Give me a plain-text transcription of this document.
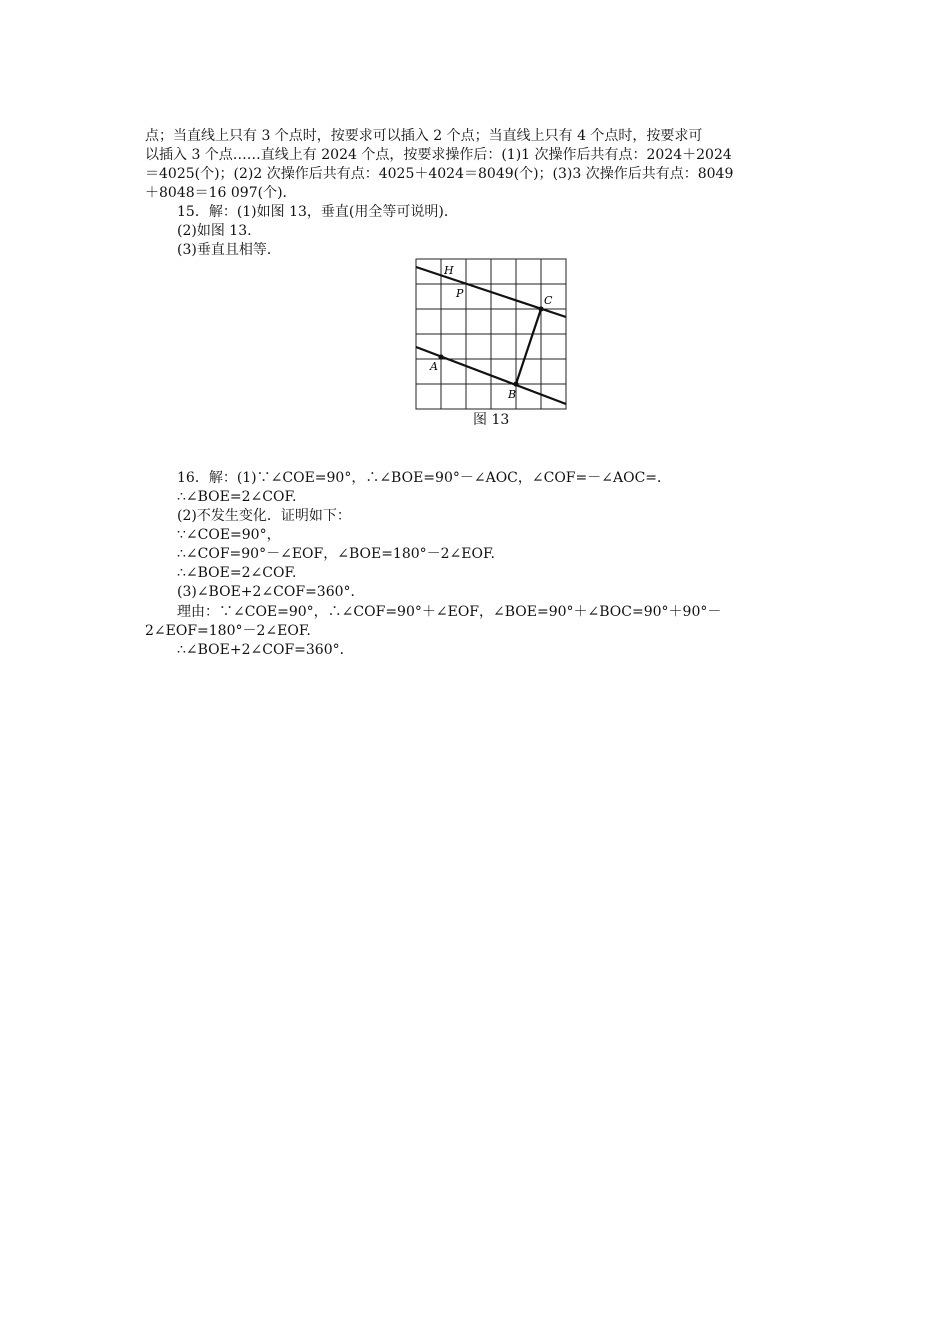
点；当直线上只有 3 个点时，按要求可以插入 2 个点；当直线上只有 4 个点时，按要求可
以插入 3 个点……直线上有 2024 个点，按要求操作后：(1)1 次操作后共有点：2024＋2024
＝4025(个)；(2)2 次操作后共有点：4025＋4024＝8049(个)；(3)3 次操作后共有点：8049
＋8048＝16 097(个)．
15．解：(1)如图 13，垂直(用全等可说明)．
(2)如图 13.
(3)垂直且相等．
H
P
C
A
B
图 13
16．解：(1)∵∠COE=90°，∴∠BOE=90°－∠AOC，∠COF=－∠AOC=．
∴∠BOE=2∠COF.
(2)不发生变化．证明如下：
∵∠COE=90°，
∴∠COF=90°－∠EOF，∠BOE=180°－2∠EOF.
∴∠BOE=2∠COF.
(3)∠BOE+2∠COF=360°．
理由：∵∠COE=90°，∴∠COF=90°＋∠EOF，∠BOE=90°＋∠BOC=90°＋90°－
2∠EOF=180°－2∠EOF.
∴∠BOE+2∠COF=360°．
